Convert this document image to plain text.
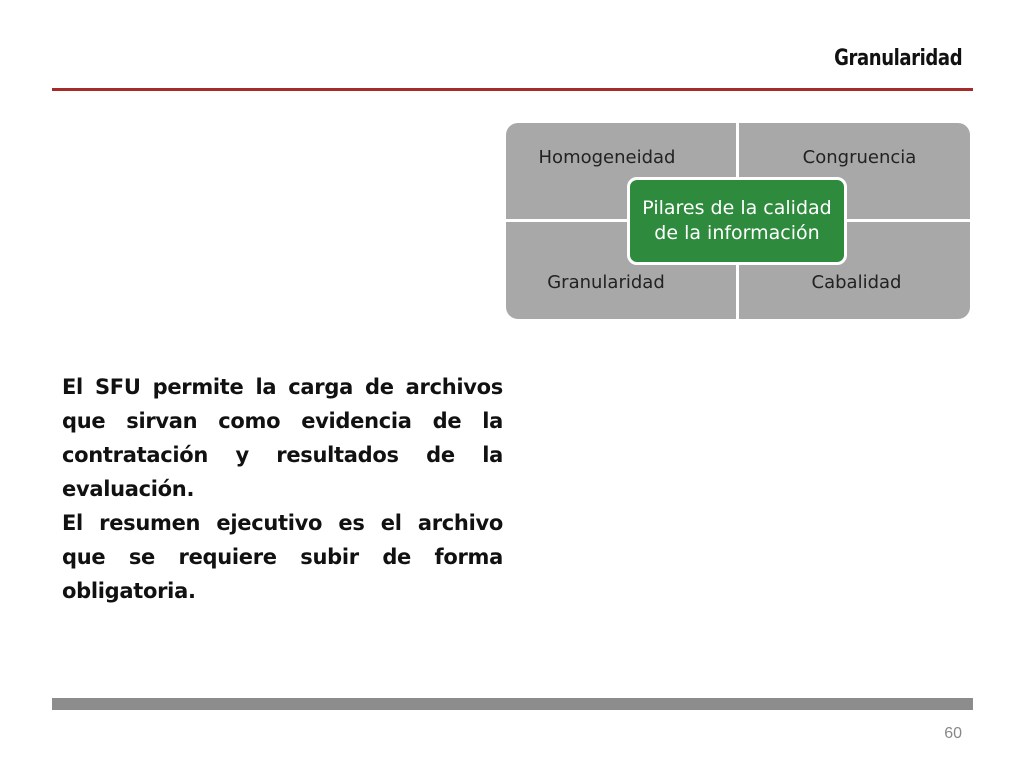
Granularidad
Homogeneidad	Congruencia
Granularidad	Cabalidad
Pilares de la calidad de la información

El SFU permite la carga de archivos que sirvan como evidencia de la contratación y resultados de la evaluación.

El resumen ejecutivo es el archivo que se requiere subir de forma obligatoria.

60
